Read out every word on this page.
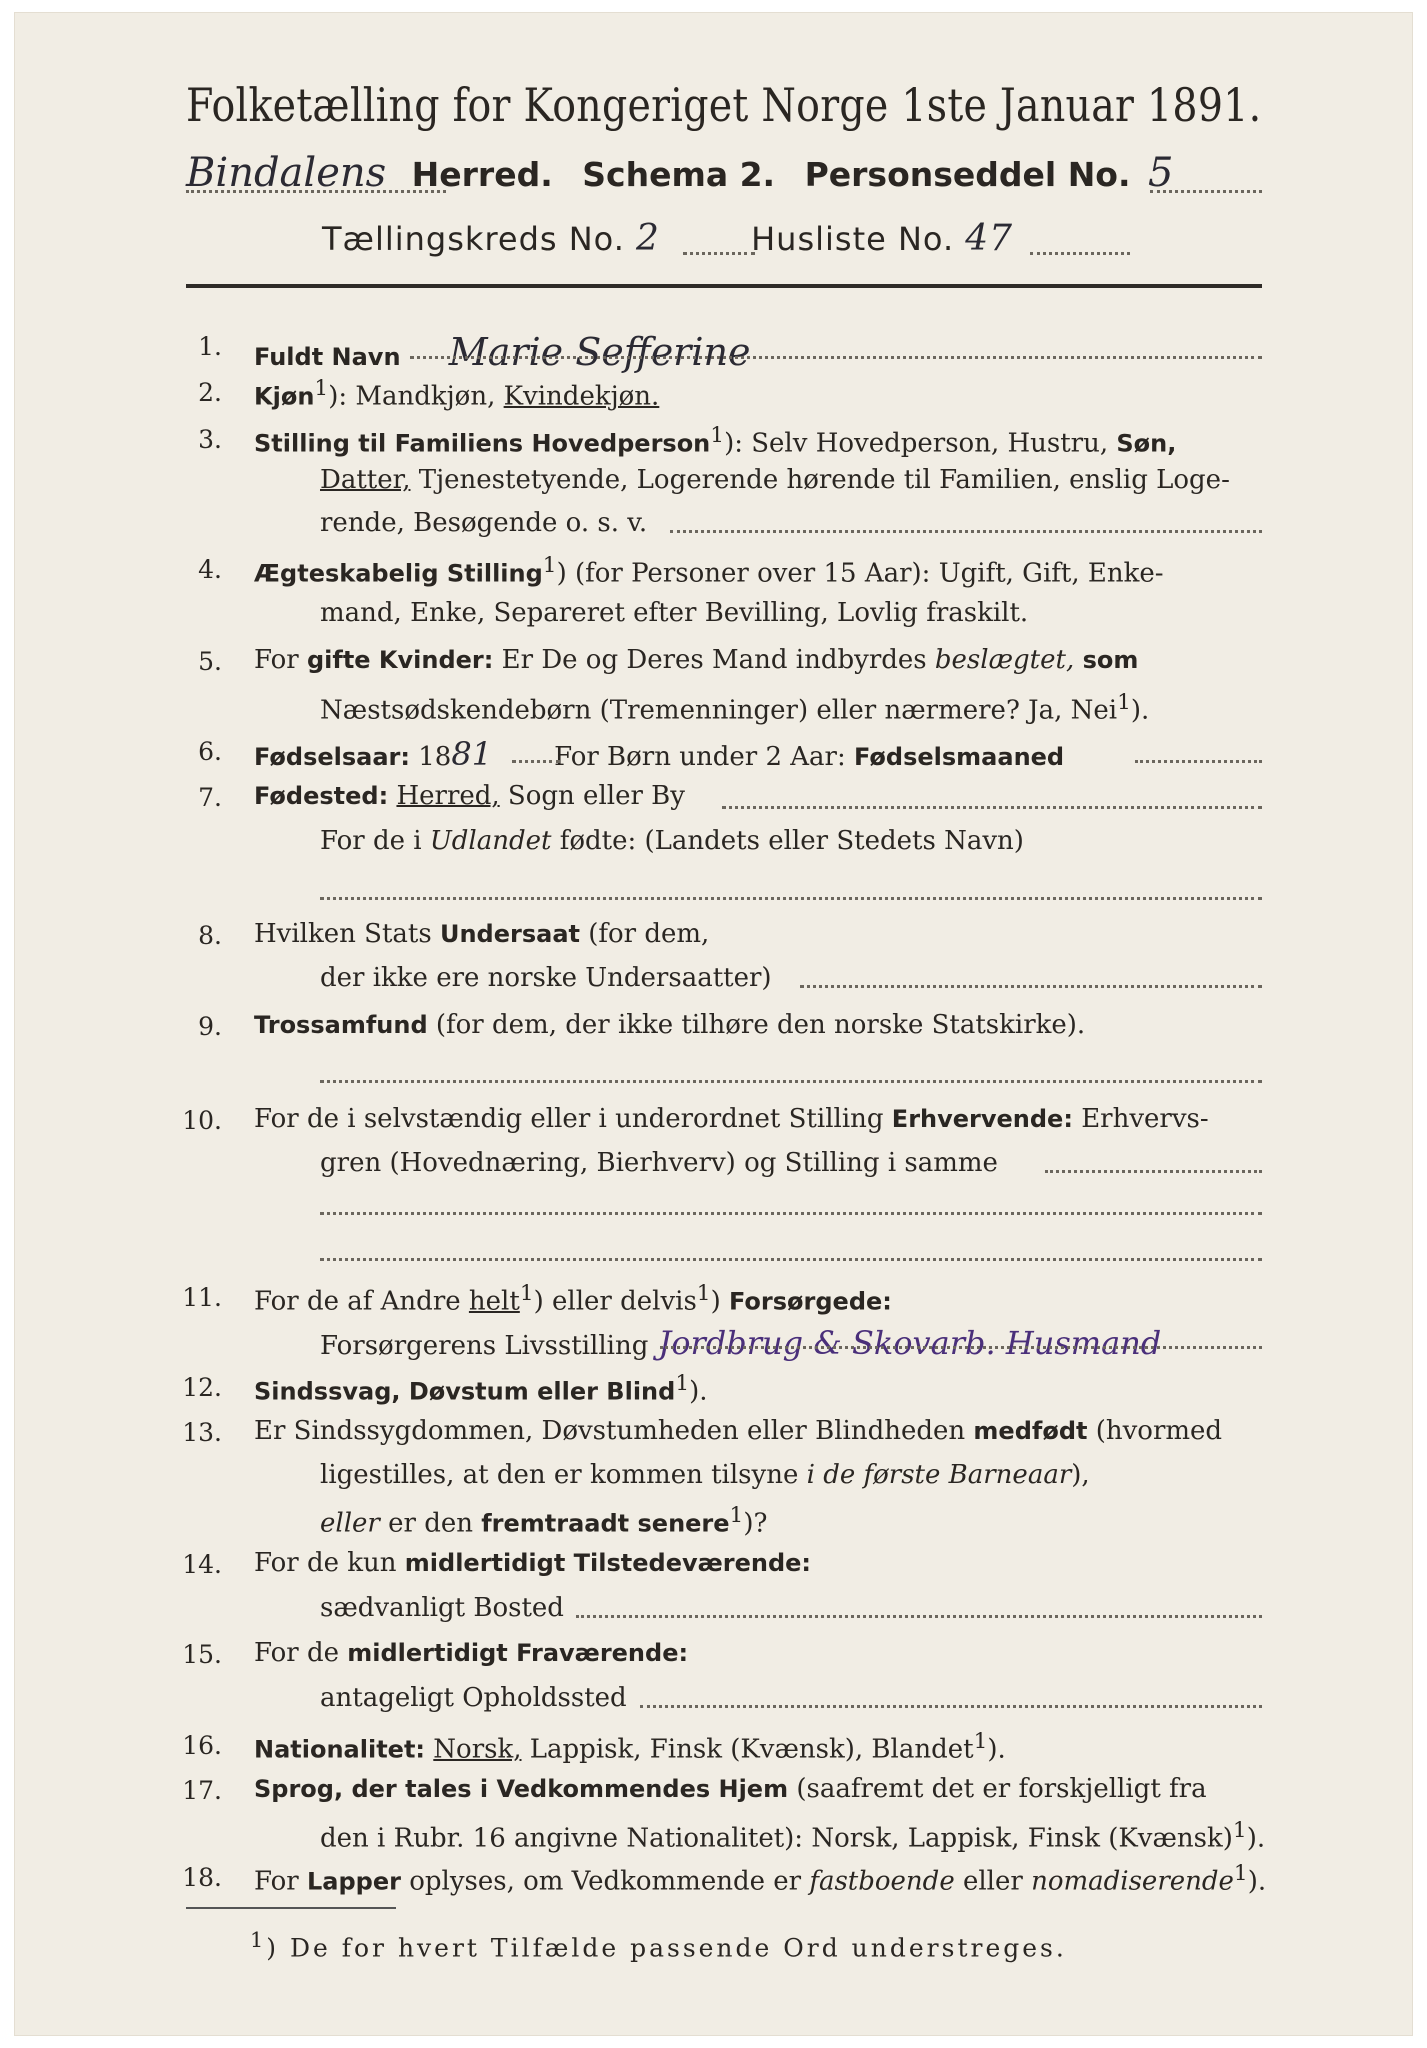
Folketælling for Kongeriget Norge 1ste Januar 1891.
Bindalens Herred. Schema 2. Personseddel No. 5
Tællingskreds No. 2	Husliste No. 47
1. Fuldt Navn Marie Sefferine
2. Kjøn$^1$): Mandkjøn, Kvindekjøn.
3. Stilling til Familiens Hovedperson$^1$): Selv Hovedperson, Hustru, Søn,
Datter, Tjenestetyende, Logerende hørende til Familien, enslig Loge-
rende, Besøgende o. s. v.
4. Ægteskabelig Stilling$^1$) (for Personer over 15 Aar): Ugift, Gift, Enke-
mand, Enke, Separeret efter Bevilling, Lovlig fraskilt.
5. For gifte Kvinder: Er De og Deres Mand indbyrdes beslægtet, som
Næstsødskendebørn (Tremenninger) eller nærmere? Ja, Nei$^1$).
6. Fødselsaar: 1881 For Børn under 2 Aar: Fødselsmaaned
7. Fødested: Herred, Sogn eller By
For de i Udlandet fødte: (Landets eller Stedets Navn)
8. Hvilken Stats Undersaat (for dem,
der ikke ere norske Undersaatter)
9. Trossamfund (for dem, der ikke tilhøre den norske Statskirke).
10. For de i selvstændig eller i underordnet Stilling Erhvervende: Erhvervs-
gren (Hovednæring, Bierhverv) og Stilling i samme
11. For de af Andre helt$^1$) eller delvis$^1$) Forsørgede:
Forsørgerens Livsstilling Jordbrug & Skovarb. Husmand
12. Sindssvag, Døvstum eller Blind$^1$).
13. Er Sindssygdommen, Døvstumheden eller Blindheden medfødt (hvormed
ligestilles, at den er kommen tilsyne i de første Barneaar),
eller er den fremtraadt senere$^1$)?
14. For de kun midlertidigt Tilstedeværende:
sædvanligt Bosted
15. For de midlertidigt Fraværende:
antageligt Opholdssted
16. Nationalitet: Norsk, Lappisk, Finsk (Kvænsk), Blandet$^1$).
17. Sprog, der tales i Vedkommendes Hjem (saafremt det er forskjelligt fra
den i Rubr. 16 angivne Nationalitet): Norsk, Lappisk, Finsk (Kvænsk)$^1$).
18. For Lapper oplyses, om Vedkommende er fastboende eller nomadiserende$^1$).
$^1$) De for hvert Tilfælde passende Ord understreges.
